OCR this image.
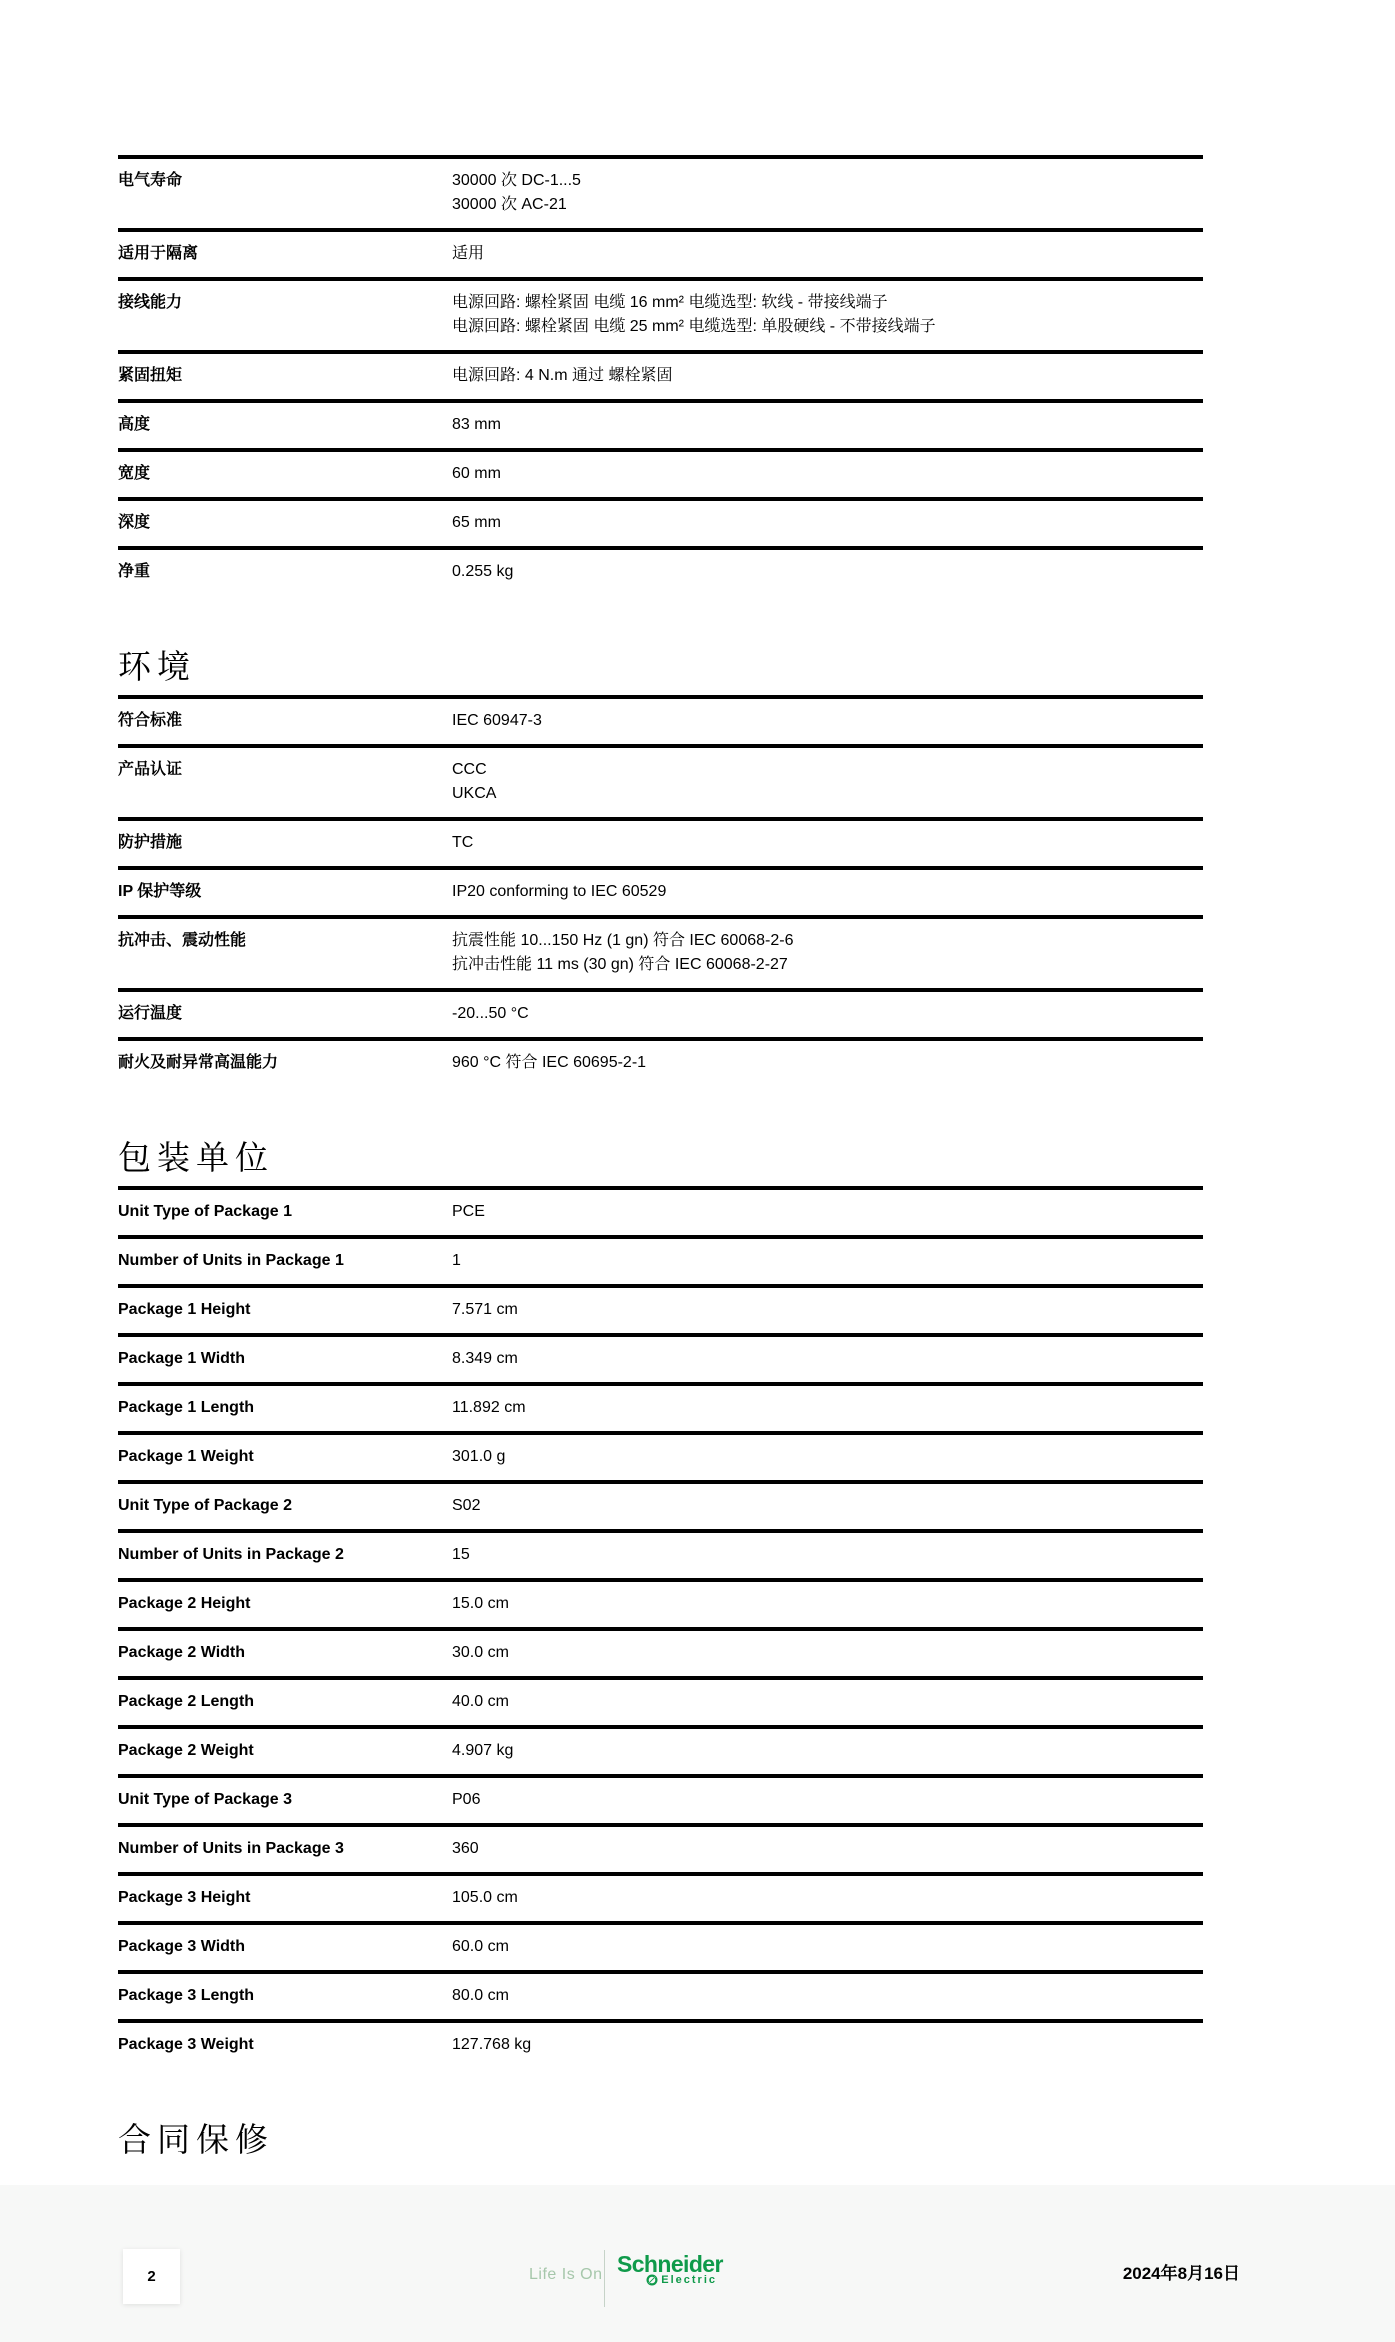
电气寿命	30000 次 DC-1...5
30000 次 AC-21
适用于隔离	适用
接线能力	电源回路: 螺栓紧固 电缆 16 mm² 电缆选型: 软线 - 带接线端子
电源回路: 螺栓紧固 电缆 25 mm² 电缆选型: 单股硬线 - 不带接线端子
紧固扭矩	电源回路: 4 N.m 通过 螺栓紧固
高度	83 mm
宽度	60 mm
深度	65 mm
净重	0.255 kg
环境
符合标准	IEC 60947-3
产品认证	CCC
UKCA
防护措施	TC
IP 保护等级	IP20 conforming to IEC 60529
抗冲击、震动性能	抗震性能 10...150 Hz (1 gn) 符合 IEC 60068-2-6
抗冲击性能 11 ms (30 gn) 符合 IEC 60068-2-27
运行温度	-20...50 °C
耐火及耐异常高温能力	960 °C 符合 IEC 60695-2-1
包装单位
Unit Type of Package 1	PCE
Number of Units in Package 1	1
Package 1 Height	7.571 cm
Package 1 Width	8.349 cm
Package 1 Length	11.892 cm
Package 1 Weight	301.0 g
Unit Type of Package 2	S02
Number of Units in Package 2	15
Package 2 Height	15.0 cm
Package 2 Width	30.0 cm
Package 2 Length	40.0 cm
Package 2 Weight	4.907 kg
Unit Type of Package 3	P06
Number of Units in Package 3	360
Package 3 Height	105.0 cm
Package 3 Width	60.0 cm
Package 3 Length	80.0 cm
Package 3 Weight	127.768 kg
合同保修
2	Life Is On Schneider
Electric	2024年8月16日
